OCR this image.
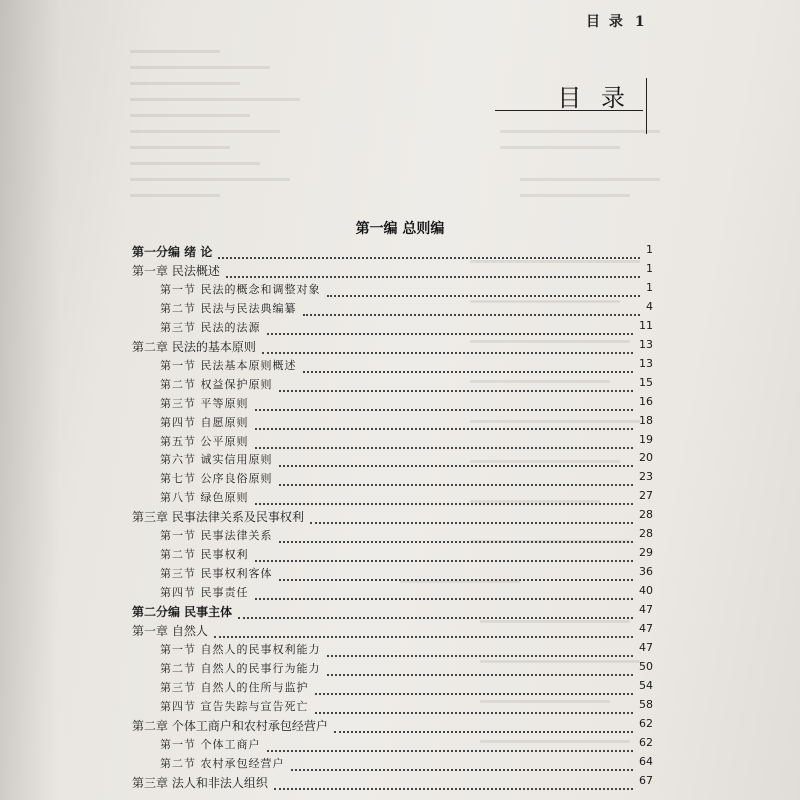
目 录 1
目 录
第一编 总则编
第一分编 绪 论	1
第一章 民法概述	1
第一节 民法的概念和调整对象	1
第二节 民法与民法典编纂	4
第三节 民法的法源	11
第二章 民法的基本原则	13
第一节 民法基本原则概述	13
第二节 权益保护原则	15
第三节 平等原则	16
第四节 自愿原则	18
第五节 公平原则	19
第六节 诚实信用原则	20
第七节 公序良俗原则	23
第八节 绿色原则	27
第三章 民事法律关系及民事权利	28
第一节 民事法律关系	28
第二节 民事权利	29
第三节 民事权利客体	36
第四节 民事责任	40
第二分编 民事主体	47
第一章 自然人	47
第一节 自然人的民事权利能力	47
第二节 自然人的民事行为能力	50
第三节 自然人的住所与监护	54
第四节 宣告失踪与宣告死亡	58
第二章 个体工商户和农村承包经营户	62
第一节 个体工商户	62
第二节 农村承包经营户	64
第三章 法人和非法人组织	67
